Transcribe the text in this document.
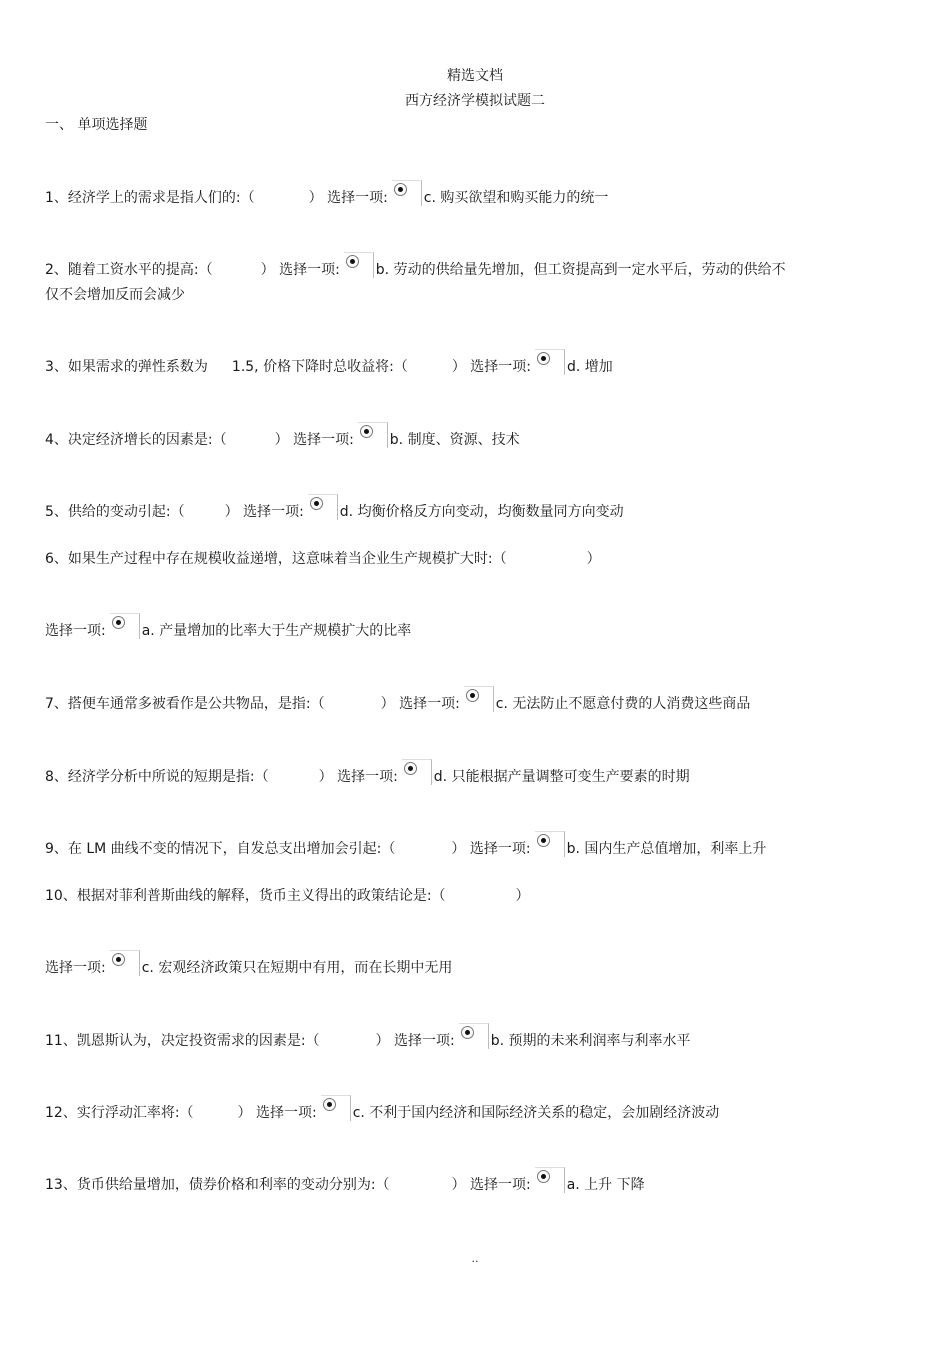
精选文档
西方经济学模拟试题二
一、 单项选择题
1、经济学上的需求是指人们的:（	） 选择一项:	c. 购买欲望和购买能力的统一
2、随着工资水平的提高:（	） 选择一项:	b. 劳动的供给量先增加，但工资提高到一定水平后，劳动的供给不
仅不会增加反而会减少
3、如果需求的弹性系数为 1.5, 价格下降时总收益将:（	） 选择一项:	d. 增加
4、决定经济增长的因素是:（	） 选择一项:	b. 制度、资源、技术
5、供给的变动引起:（	） 选择一项:	d. 均衡价格反方向变动，均衡数量同方向变动
6、如果生产过程中存在规模收益递增，这意味着当企业生产规模扩大时:（	）
选择一项:	a. 产量增加的比率大于生产规模扩大的比率
7、搭便车通常多被看作是公共物品，是指:（	） 选择一项:	c. 无法防止不愿意付费的人消费这些商品
8、经济学分析中所说的短期是指:（	） 选择一项:	d. 只能根据产量调整可变生产要素的时期
9、在 LM 曲线不变的情况下，自发总支出增加会引起:（	） 选择一项:	b. 国内生产总值增加，利率上升
10、根据对菲利普斯曲线的解释，货币主义得出的政策结论是:（	）
选择一项:	c. 宏观经济政策只在短期中有用，而在长期中无用
11、凯恩斯认为，决定投资需求的因素是:（	） 选择一项:	b. 预期的未来利润率与利率水平
12、实行浮动汇率将:（	） 选择一项:	c. 不利于国内经济和国际经济关系的稳定，会加剧经济波动
13、货币供给量增加，债券价格和利率的变动分别为:（	） 选择一项:	a. 上升 下降
..
